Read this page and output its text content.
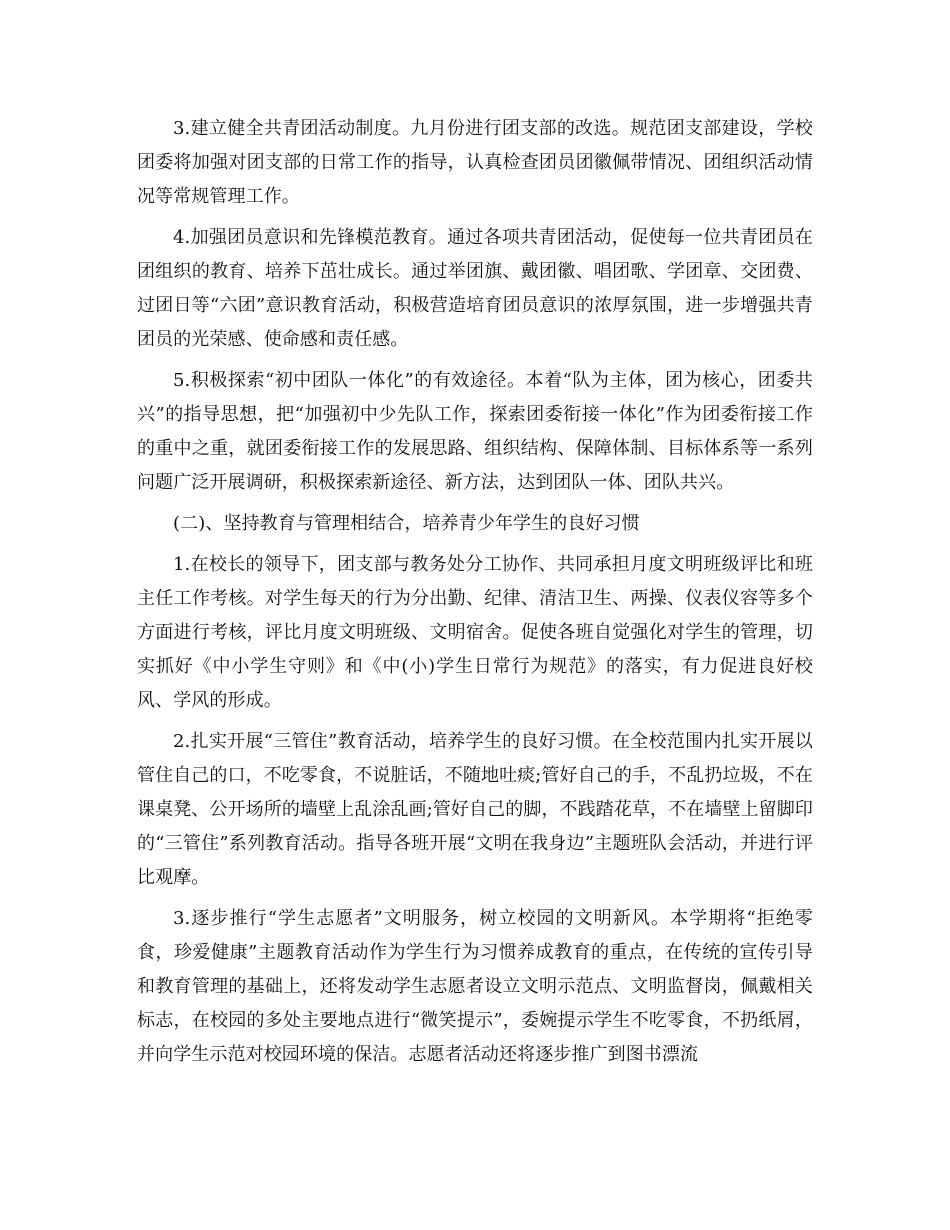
3.建立健全共青团活动制度。九月份进行团支部的改选。规范团支部建设，学校团委将加强对团支部的日常工作的指导，认真检查团员团徽佩带情况、团组织活动情况等常规管理工作。

4.加强团员意识和先锋模范教育。通过各项共青团活动，促使每一位共青团员在团组织的教育、培养下茁壮成长。通过举团旗、戴团徽、唱团歌、学团章、交团费、过团日等“六团”意识教育活动，积极营造培育团员意识的浓厚氛围，进一步增强共青团员的光荣感、使命感和责任感。

5.积极探索“初中团队一体化”的有效途径。本着“队为主体，团为核心，团委共兴”的指导思想，把“加强初中少先队工作，探索团委衔接一体化”作为团委衔接工作的重中之重，就团委衔接工作的发展思路、组织结构、保障体制、目标体系等一系列问题广泛开展调研，积极探索新途径、新方法，达到团队一体、团队共兴。

(二)、坚持教育与管理相结合，培养青少年学生的良好习惯

1.在校长的领导下，团支部与教务处分工协作、共同承担月度文明班级评比和班主任工作考核。对学生每天的行为分出勤、纪律、清洁卫生、两操、仪表仪容等多个方面进行考核，评比月度文明班级、文明宿舍。促使各班自觉强化对学生的管理，切实抓好《中小学生守则》和《中(小)学生日常行为规范》的落实，有力促进良好校风、学风的形成。

2.扎实开展“三管住”教育活动，培养学生的良好习惯。在全校范围内扎实开展以管住自己的口，不吃零食，不说脏话，不随地吐痰;管好自己的手，不乱扔垃圾，不在课桌凳、公开场所的墙壁上乱涂乱画;管好自己的脚，不践踏花草，不在墙壁上留脚印的“三管住”系列教育活动。指导各班开展“文明在我身边”主题班队会活动，并进行评比观摩。

3.逐步推行“学生志愿者”文明服务，树立校园的文明新风。本学期将“拒绝零食，珍爱健康”主题教育活动作为学生行为习惯养成教育的重点，在传统的宣传引导和教育管理的基础上，还将发动学生志愿者设立文明示范点、文明监督岗，佩戴相关标志，在校园的多处主要地点进行“微笑提示”，委婉提示学生不吃零食，不扔纸屑，并向学生示范对校园环境的保洁。志愿者活动还将逐步推广到图书漂流
